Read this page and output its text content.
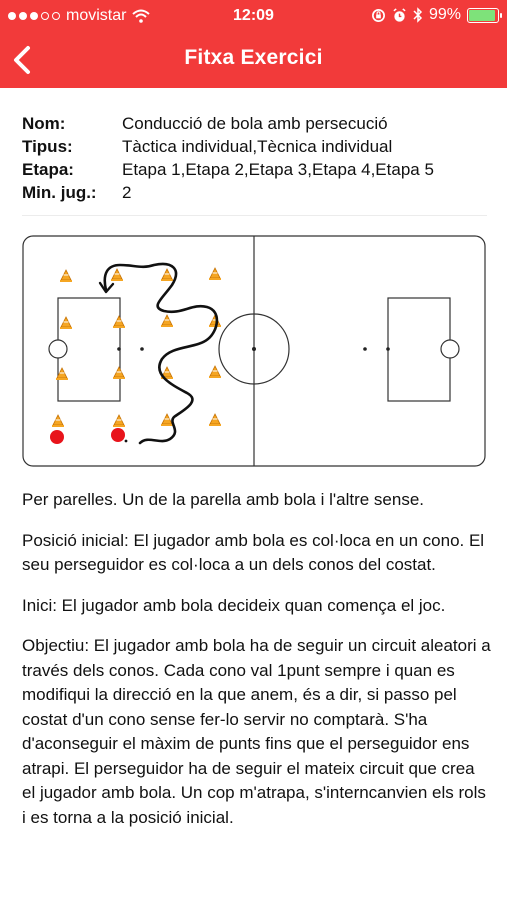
movistar	12:09	99%
Fitxa Exercici
Nom:	Conducció de bola amb persecució
Tipus:	Tàctica individual,Tècnica individual
Etapa:	Etapa 1,Etapa 2,Etapa 3,Etapa 4,Etapa 5
Min. jug.:	2

Per parelles. Un de la parella amb bola i l'altre sense.

Posició inicial: El jugador amb bola es col·loca en un cono. El seu perseguidor es col·loca a un dels conos del costat.

Inici: El jugador amb bola decideix quan comença el joc.

Objectiu: El jugador amb bola ha de seguir un circuit aleatori a través dels conos. Cada cono val 1punt sempre i quan es modifiqui la direcció en la que anem, és a dir, si passo pel costat d'un cono sense fer-lo servir no comptarà. S'ha d'aconseguir el màxim de punts fins que el perseguidor ens atrapi. El perseguidor ha de seguir el mateix circuit que crea el jugador amb bola. Un cop m'atrapa, s'interncanvien els rols i es torna a la posició inicial.
